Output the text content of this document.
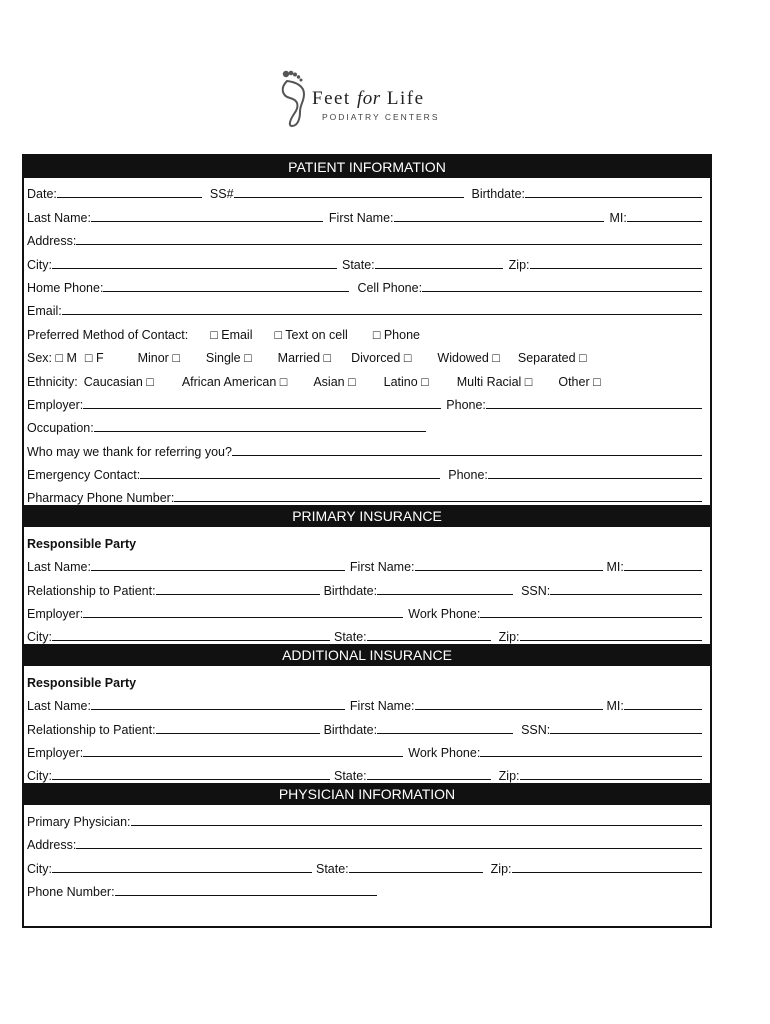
Feet for Life
PODIATRY CENTERS
PATIENT INFORMATION
Date:	SS#	Birthdate:
Last Name:	First Name:	MI:
Address:
City:	State:	Zip:
Home Phone:	Cell Phone:
Email:
Preferred Method of Contact: □ Email □ Text on cell □ Phone
Sex: □ M □ F	Minor □ Single □ Married □ Divorced □ Widowed □ Separated □
Ethnicity: Caucasian □ African American □ Asian □ Latino □ Multi Racial □ Other □
Employer:	Phone:
Occupation:
Who may we thank for referring you?
Emergency Contact:	Phone:
Pharmacy Phone Number:
PRIMARY INSURANCE
Responsible Party
Last Name:	First Name:	MI:
Relationship to Patient:	Birthdate:	SSN:
Employer:	Work Phone:
City:	State:	Zip:
ADDITIONAL INSURANCE
Responsible Party
Last Name:	First Name:	MI:
Relationship to Patient:	Birthdate:	SSN:
Employer:	Work Phone:
City:	State:	Zip:
PHYSICIAN INFORMATION
Primary Physician:
Address:
City:	State:	Zip:
Phone Number:
